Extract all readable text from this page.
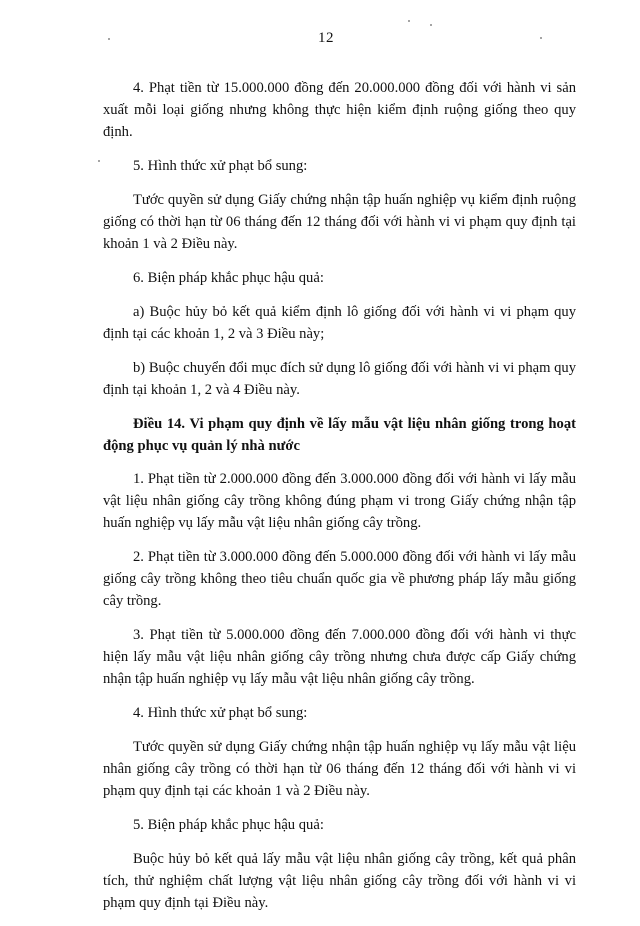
12

4. Phạt tiền từ 15.000.000 đồng đến 20.000.000 đồng đối với hành vi sản xuất mỗi loại giống nhưng không thực hiện kiểm định ruộng giống theo quy định.

5. Hình thức xử phạt bổ sung:

Tước quyền sử dụng Giấy chứng nhận tập huấn nghiệp vụ kiểm định ruộng giống có thời hạn từ 06 tháng đến 12 tháng đối với hành vi vi phạm quy định tại khoản 1 và 2 Điều này.

6. Biện pháp khắc phục hậu quả:

a) Buộc hủy bỏ kết quả kiểm định lô giống đối với hành vi vi phạm quy định tại các khoản 1, 2 và 3 Điều này;

b) Buộc chuyển đổi mục đích sử dụng lô giống đối với hành vi vi phạm quy định tại khoản 1, 2 và 4 Điều này.

Điều 14. Vi phạm quy định về lấy mẫu vật liệu nhân giống trong hoạt động phục vụ quản lý nhà nước

1. Phạt tiền từ 2.000.000 đồng đến 3.000.000 đồng đối với hành vi lấy mẫu vật liệu nhân giống cây trồng không đúng phạm vi trong Giấy chứng nhận tập huấn nghiệp vụ lấy mẫu vật liệu nhân giống cây trồng.

2. Phạt tiền từ 3.000.000 đồng đến 5.000.000 đồng đối với hành vi lấy mẫu giống cây trồng không theo tiêu chuẩn quốc gia về phương pháp lấy mẫu giống cây trồng.

3. Phạt tiền từ 5.000.000 đồng đến 7.000.000 đồng đối với hành vi thực hiện lấy mẫu vật liệu nhân giống cây trồng nhưng chưa được cấp Giấy chứng nhận tập huấn nghiệp vụ lấy mẫu vật liệu nhân giống cây trồng.

4. Hình thức xử phạt bổ sung:

Tước quyền sử dụng Giấy chứng nhận tập huấn nghiệp vụ lấy mẫu vật liệu nhân giống cây trồng có thời hạn từ 06 tháng đến 12 tháng đối với hành vi vi phạm quy định tại các khoản 1 và 2 Điều này.

5. Biện pháp khắc phục hậu quả:

Buộc hủy bỏ kết quả lấy mẫu vật liệu nhân giống cây trồng, kết quả phân tích, thử nghiệm chất lượng vật liệu nhân giống cây trồng đối với hành vi vi phạm quy định tại Điều này.
